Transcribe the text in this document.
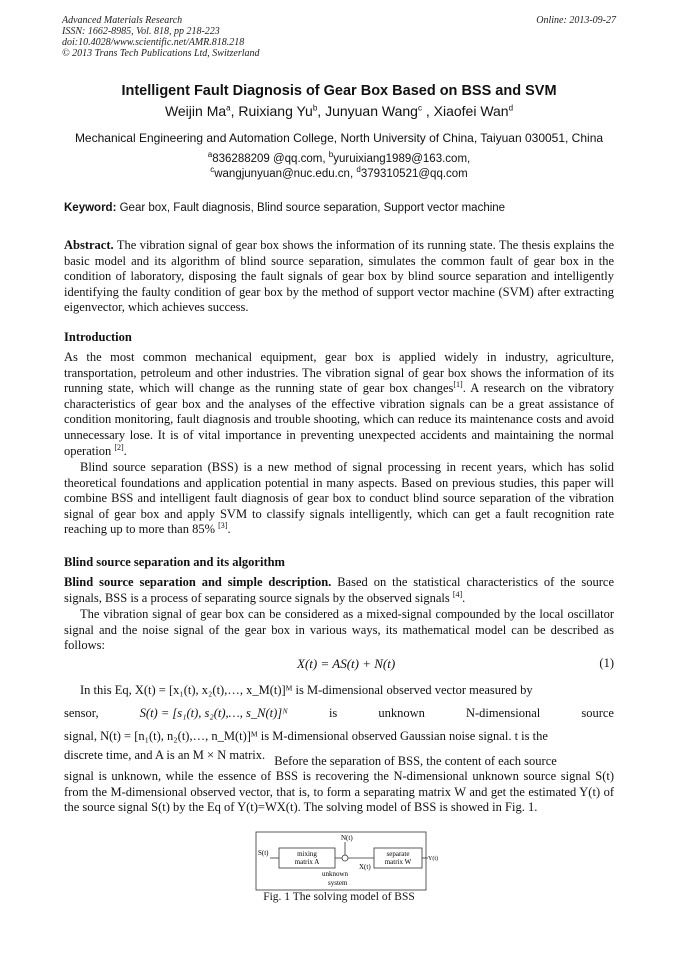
Advanced Materials Research
ISSN: 1662-8985, Vol. 818, pp 218-223
doi:10.4028/www.scientific.net/AMR.818.218
© 2013 Trans Tech Publications Ltd, Switzerland
Online: 2013-09-27
Intelligent Fault Diagnosis of Gear Box Based on BSS and SVM
Weijin Ma$^a$, Ruixiang Yu$^b$, Junyuan Wang$^c$ , Xiaofei Wan$^d$
Mechanical Engineering and Automation College, North University of China, Taiyuan 030051, China
$^a$836288209 @qq.com, $^b$yuruixiang1989@163.com,
$^c$wangjunyuan@nuc.edu.cn, $^d$379310521@qq.com
Keyword: Gear box, Fault diagnosis, Blind source separation, Support vector machine
Abstract. The vibration signal of gear box shows the information of its running state. The thesis explains the basic model and its algorithm of blind source separation, simulates the common fault of gear box in the condition of laboratory, disposing the fault signals of gear box by blind source separation and intelligently identifying the faulty condition of gear box by the method of support vector machine (SVM) after extracting eigenvector, which achieves success.
Introduction
As the most common mechanical equipment, gear box is applied widely in industry, agriculture, transportation, petroleum and other industries. The vibration signal of gear box shows the information of its running state, which will change as the running state of gear box changes[1]. A research on the vibratory characteristics of gear box and the analyses of the effective vibration signals can be a great assistance of condition monitoring, fault diagnosis and trouble shooting, which can reduce its maintenance costs and avoid unnecessary lose. It is of vital importance in preventing unexpected accidents and maintaining the normal operation [2].
Blind source separation (BSS) is a new method of signal processing in recent years, which has solid theoretical foundations and application potential in many aspects. Based on previous studies, this paper will combine BSS and intelligent fault diagnosis of gear box to conduct blind source separation of the vibration signal of gear box and apply SVM to classify signals intelligently, which can get a fault recognition rate reaching up to more than 85% [3].
Blind source separation and its algorithm
Blind source separation and simple description. Based on the statistical characteristics of the source signals, BSS is a process of separating source signals by the observed signals [4].
The vibration signal of gear box can be considered as a mixed-signal compounded by the local oscillator signal and the noise signal of the gear box in various ways, its mathematical model can be described as follows:
X(t) = AS(t) + N(t)	(1)
In this Eq, X(t) = [x₁(t), x₂(t),…, x_M(t)]ᴹ is M-dimensional observed vector measured by
sensor,	S(t) = [s₁(t), s₂(t),…, s_N(t)]ᴺ	is	unknown	N-dimensional	source
signal, N(t) = [n₁(t), n₂(t),…, n_M(t)]ᴹ is M-dimensional observed Gaussian noise signal. t is the
discrete time, and A is an M × N matrix. Before the separation of BSS, the content of each source
signal is unknown, while the essence of BSS is recovering the N-dimensional unknown source signal S(t) from the M-dimensional observed vector, that is, to form a separating matrix W and get the estimated Y(t) of the source signal S(t) by the Eq of Y(t)=WX(t). The solving model of BSS is showed in Fig. 1.
S(t)	mixing
matrix A
N(t)
unknown
system
X(t)
separate
matrix W	Y(t)
Fig. 1 The solving model of BSS
